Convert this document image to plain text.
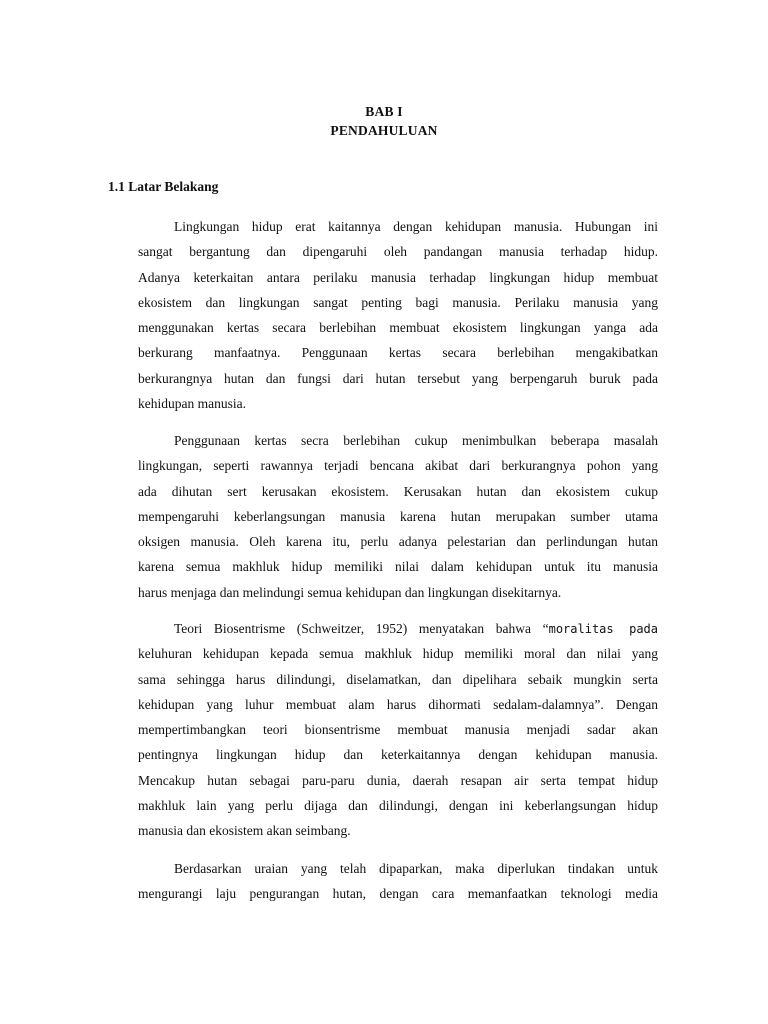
BAB I
PENDAHULUAN
1.1 Latar Belakang
Lingkungan hidup erat kaitannya dengan kehidupan manusia. Hubungan ini
sangat bergantung dan dipengaruhi oleh pandangan manusia terhadap hidup.
Adanya keterkaitan antara perilaku manusia terhadap lingkungan hidup membuat
ekosistem dan lingkungan sangat penting bagi manusia. Perilaku manusia yang
menggunakan kertas secara berlebihan membuat ekosistem lingkungan yanga ada
berkurang manfaatnya. Penggunaan kertas secara berlebihan mengakibatkan
berkurangnya hutan dan fungsi dari hutan tersebut yang berpengaruh buruk pada
kehidupan manusia.
Penggunaan kertas secra berlebihan cukup menimbulkan beberapa masalah
lingkungan, seperti rawannya terjadi bencana akibat dari berkurangnya pohon yang
ada dihutan sert kerusakan ekosistem. Kerusakan hutan dan ekosistem cukup
mempengaruhi keberlangsungan manusia karena hutan merupakan sumber utama
oksigen manusia. Oleh karena itu, perlu adanya pelestarian dan perlindungan hutan
karena semua makhluk hidup memiliki nilai dalam kehidupan untuk itu manusia
harus menjaga dan melindungi semua kehidupan dan lingkungan disekitarnya.
Teori Biosentrisme (Schweitzer, 1952) menyatakan bahwa “moralitas pada
keluhuran kehidupan kepada semua makhluk hidup memiliki moral dan nilai yang
sama sehingga harus dilindungi, diselamatkan, dan dipelihara sebaik mungkin serta
kehidupan yang luhur membuat alam harus dihormati sedalam-dalamnya”. Dengan
mempertimbangkan teori bionsentrisme membuat manusia menjadi sadar akan
pentingnya lingkungan hidup dan keterkaitannya dengan kehidupan manusia.
Mencakup hutan sebagai paru-paru dunia, daerah resapan air serta tempat hidup
makhluk lain yang perlu dijaga dan dilindungi, dengan ini keberlangsungan hidup
manusia dan ekosistem akan seimbang.
Berdasarkan uraian yang telah dipaparkan, maka diperlukan tindakan untuk
mengurangi laju pengurangan hutan, dengan cara memanfaatkan teknologi media
